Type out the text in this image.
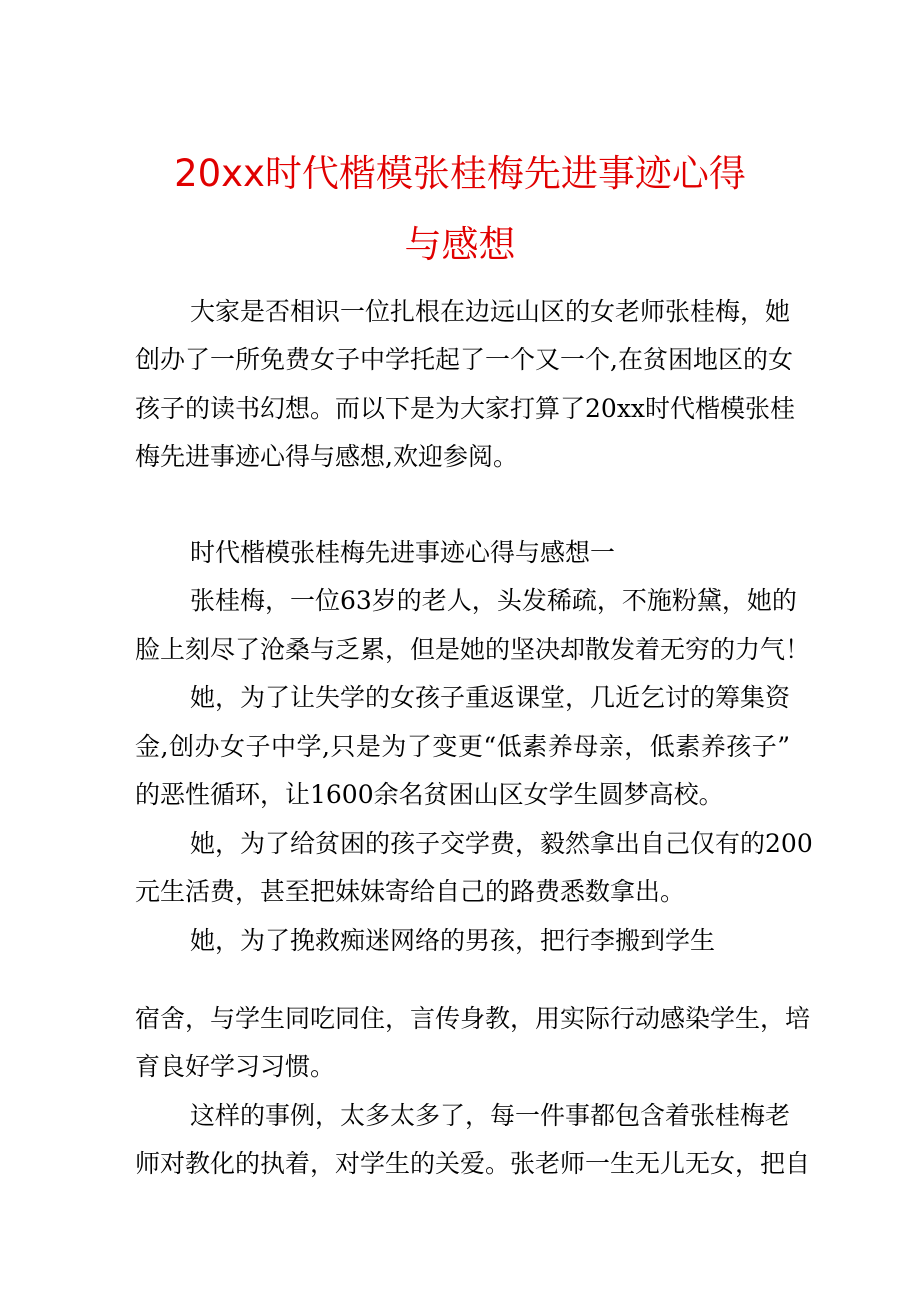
20xx时代楷模张桂梅先进事迹心得
与感想
大家是否相识一位扎根在边远山区的女老师张桂梅，她
创办了一所免费女子中学托起了一个又一个,在贫困地区的女
孩子的读书幻想。而以下是为大家打算了20xx时代楷模张桂
梅先进事迹心得与感想,欢迎参阅。
时代楷模张桂梅先进事迹心得与感想一
张桂梅，一位63岁的老人，头发稀疏，不施粉黛，她的
脸上刻尽了沧桑与乏累，但是她的坚决却散发着无穷的力气！
她，为了让失学的女孩子重返课堂，几近乞讨的筹集资
金,创办女子中学,只是为了变更“低素养母亲，低素养孩子”
的恶性循环，让1600余名贫困山区女学生圆梦高校。
她，为了给贫困的孩子交学费，毅然拿出自己仅有的200
元生活费，甚至把妹妹寄给自己的路费悉数拿出。
她，为了挽救痴迷网络的男孩，把行李搬到学生
宿舍，与学生同吃同住，言传身教，用实际行动感染学生，培
育良好学习习惯。
这样的事例，太多太多了，每一件事都包含着张桂梅老
师对教化的执着，对学生的关爱。张老师一生无儿无女，把自
